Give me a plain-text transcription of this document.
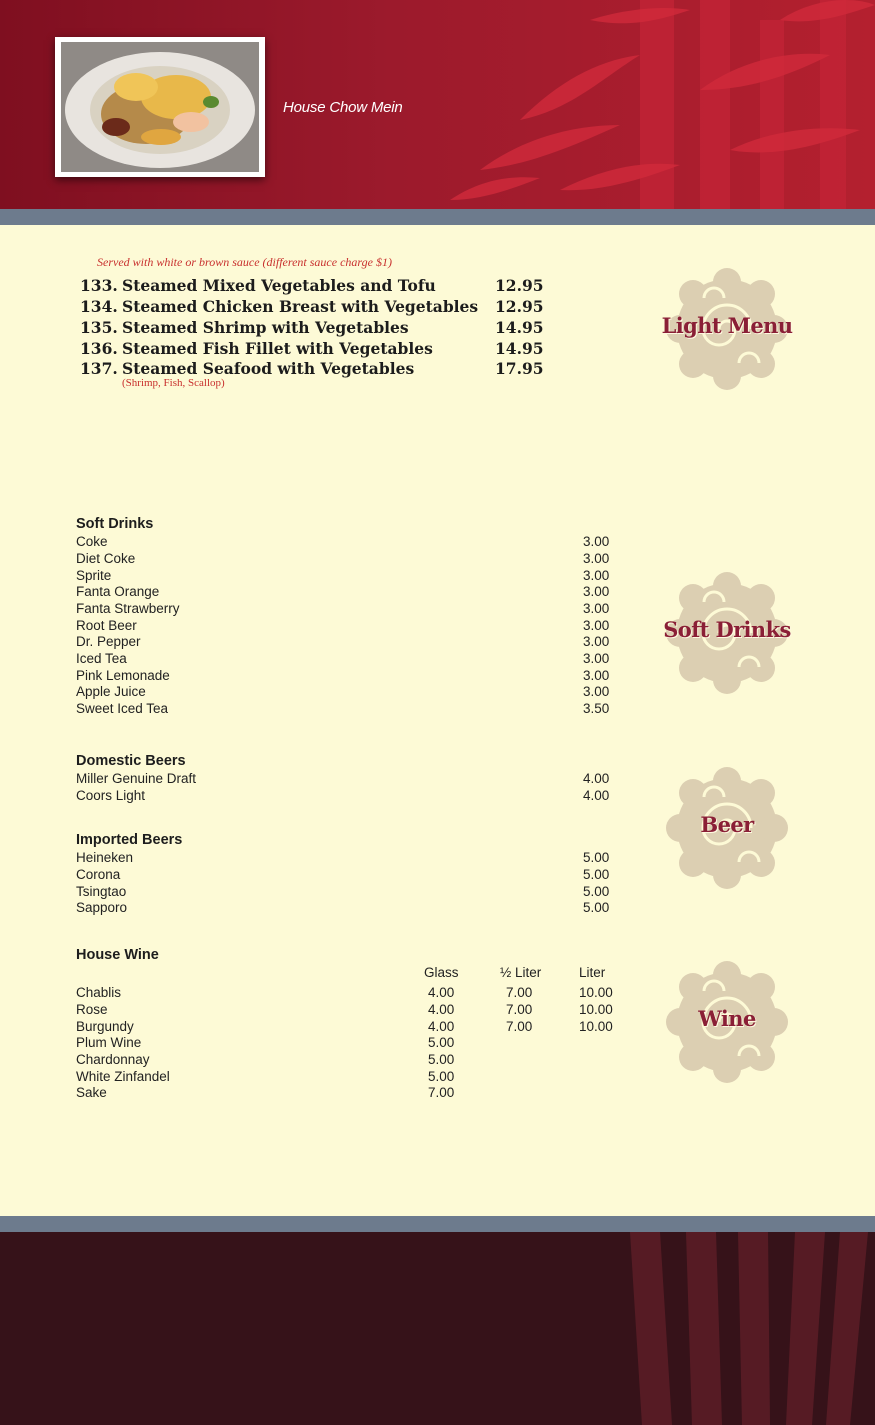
House Chow Mein
Served with white or brown sauce (different sauce charge $1)
133. Steamed Mixed Vegetables and Tofu	12.95
134. Steamed Chicken Breast with Vegetables 12.95
135. Steamed Shrimp with Vegetables	14.95
136. Steamed Fish Fillet with Vegetables	14.95
137. Steamed Seafood with Vegetables	17.95
(Shrimp, Fish, Scallop)
Light Menu
Soft Drinks
Beer
Wine
Soft Drinks
Coke	3.00
Diet Coke	3.00
Sprite	3.00
Fanta Orange	3.00
Fanta Strawberry	3.00
Root Beer	3.00
Dr. Pepper	3.00
Iced Tea	3.00
Pink Lemonade	3.00
Apple Juice	3.00
Sweet Iced Tea	3.50
Domestic Beers
Miller Genuine Draft	4.00
Coors Light	4.00
Imported Beers
Heineken	5.00
Corona	5.00
Tsingtao	5.00
Sapporo	5.00
House Wine
Glass	½ Liter	Liter
Chablis	4.00	7.00	10.00
Rose	4.00	7.00	10.00
Burgundy	4.00	7.00	10.00
Plum Wine	5.00
Chardonnay	5.00
White Zinfandel	5.00
Sake	7.00
